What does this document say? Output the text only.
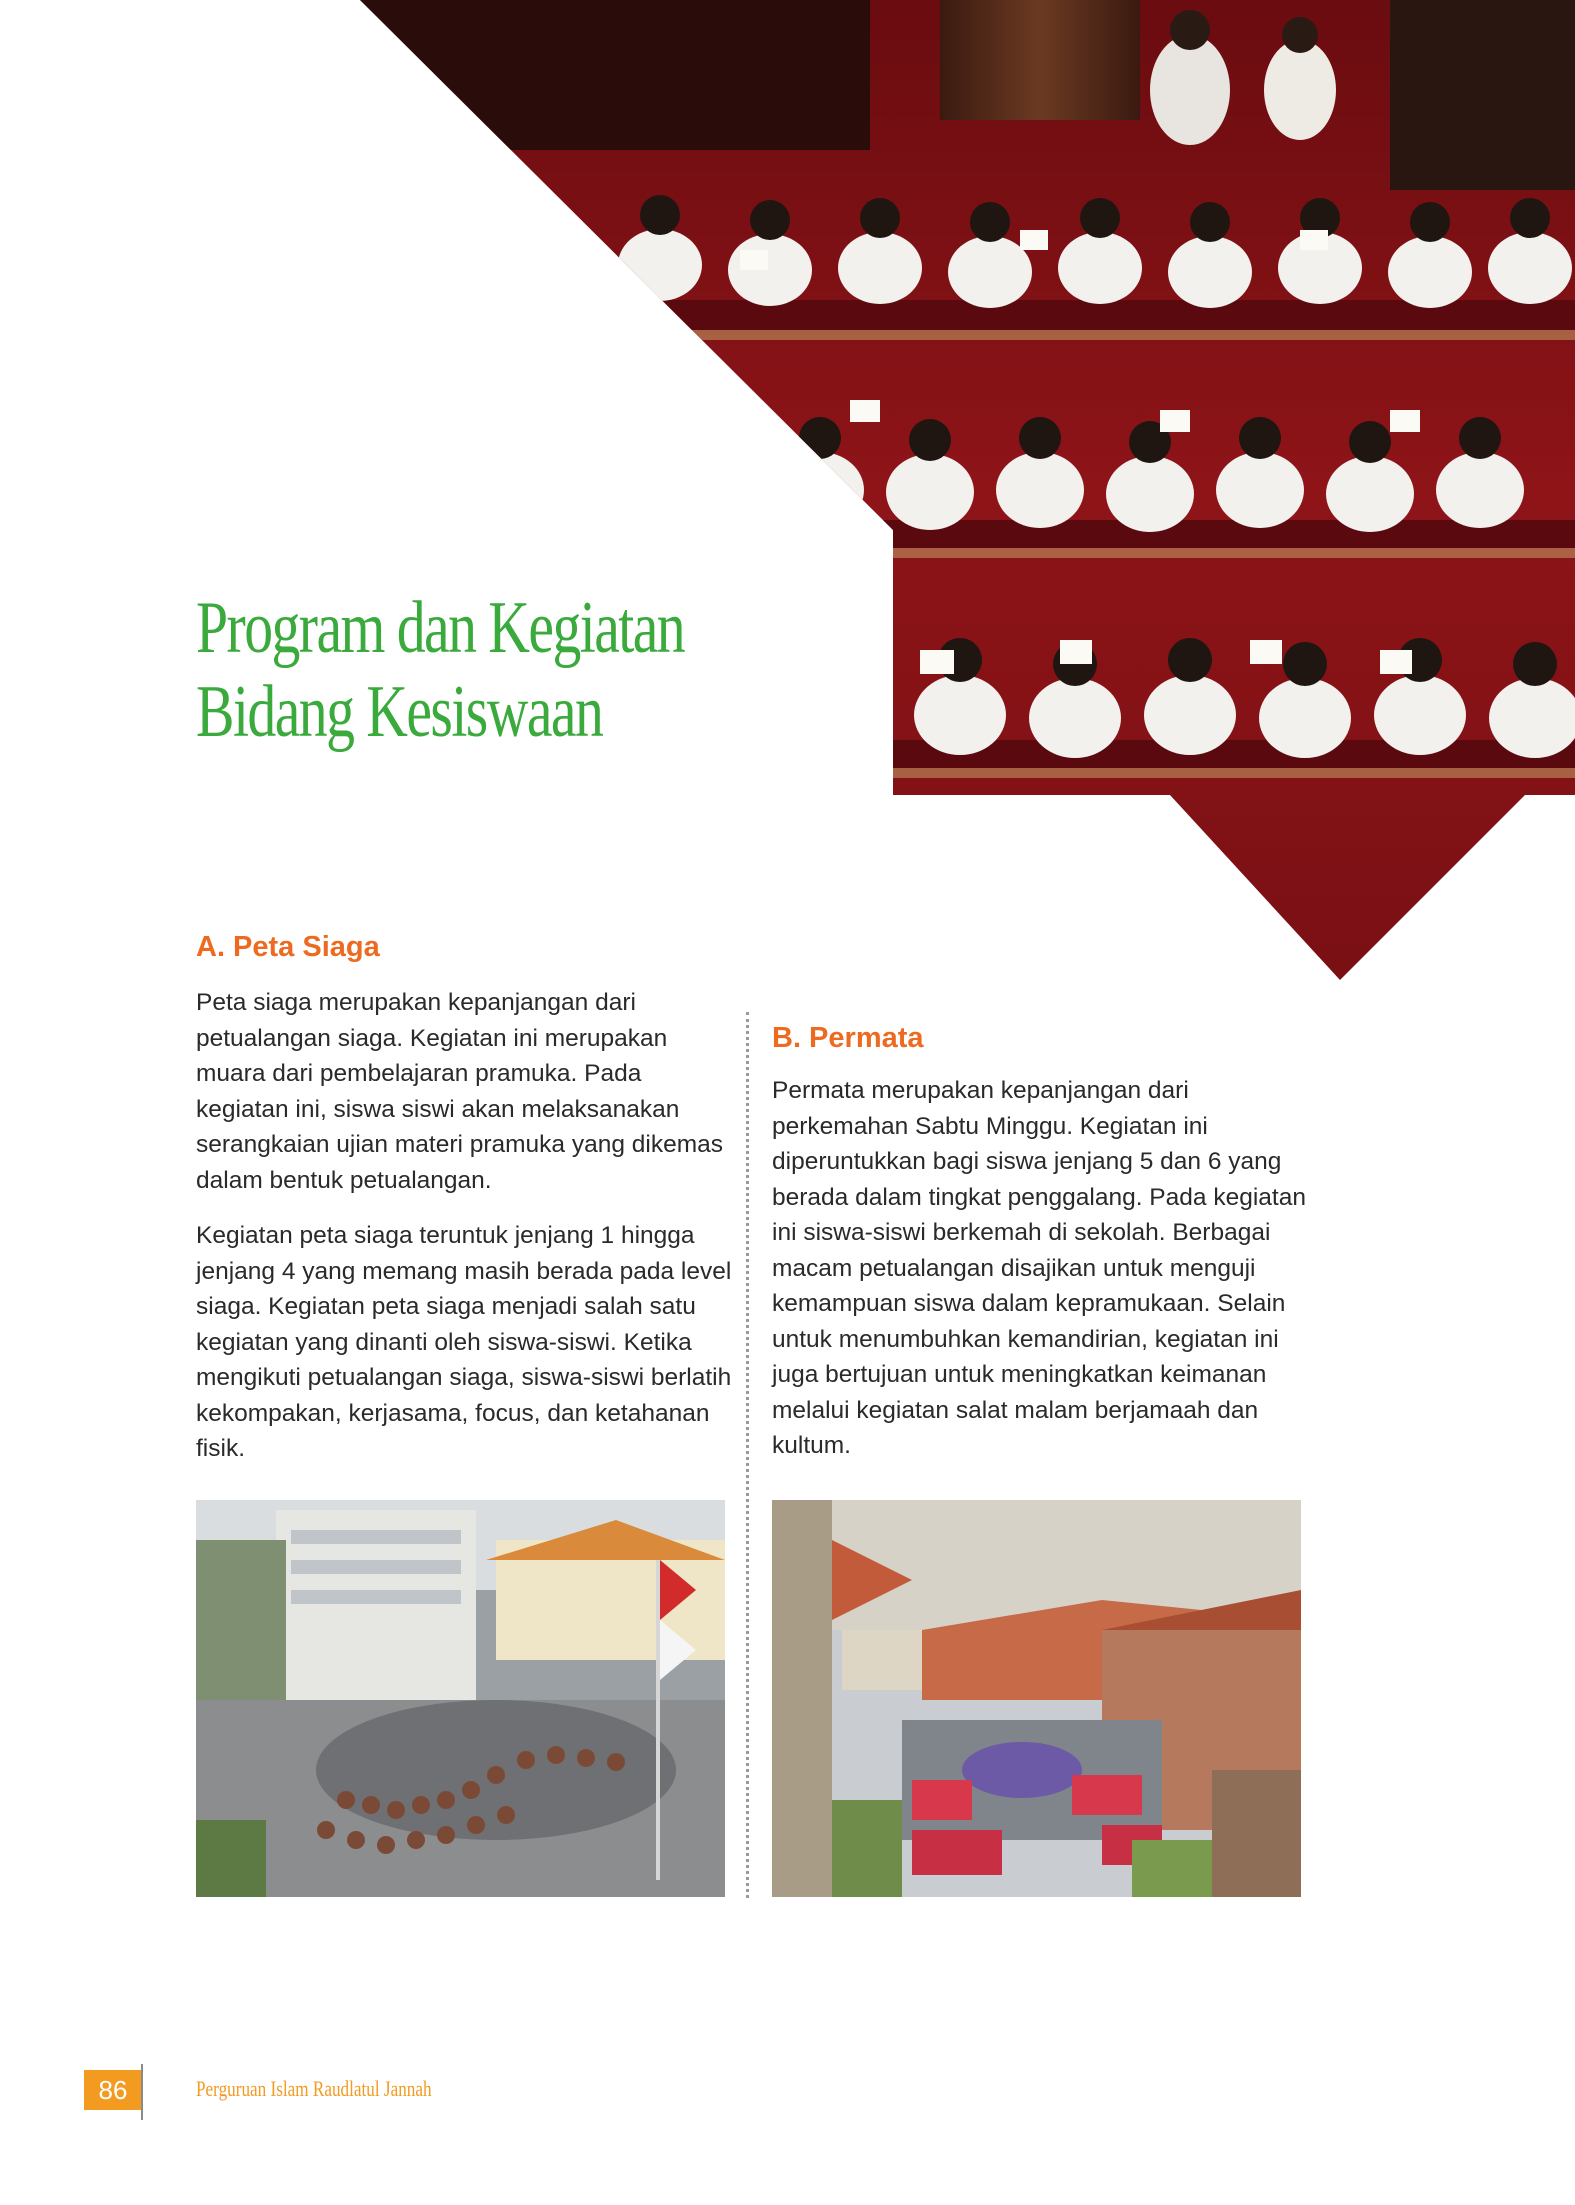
Program dan Kegiatan
Bidang Kesiswaan
A. Peta Siaga

Peta siaga merupakan kepanjangan dari petualangan siaga. Kegiatan ini merupakan muara dari pembelajaran pramuka. Pada kegiatan ini, siswa siswi akan melaksanakan serangkaian ujian materi pramuka yang dikemas dalam bentuk petualangan.

Kegiatan peta siaga teruntuk jenjang 1 hingga jenjang 4 yang memang masih berada pada level siaga. Kegiatan peta siaga menjadi salah satu kegiatan yang dinanti oleh siswa-siswi. Ketika mengikuti petualangan siaga, siswa-siswi berlatih kekompakan, kerjasama, focus, dan ketahanan fisik.

B. Permata

Permata merupakan kepanjangan dari perkemahan Sabtu Minggu. Kegiatan ini diperuntukkan bagi siswa jenjang 5 dan 6 yang berada dalam tingkat penggalang. Pada kegiatan ini siswa-siswi berkemah di sekolah. Berbagai macam petualangan disajikan untuk menguji kemampuan siswa dalam kepramukaan. Selain untuk menumbuhkan kemandirian, kegiatan ini juga bertujuan untuk meningkatkan keimanan melalui kegiatan salat malam berjamaah dan kultum.

86	Perguruan Islam Raudlatul Jannah
